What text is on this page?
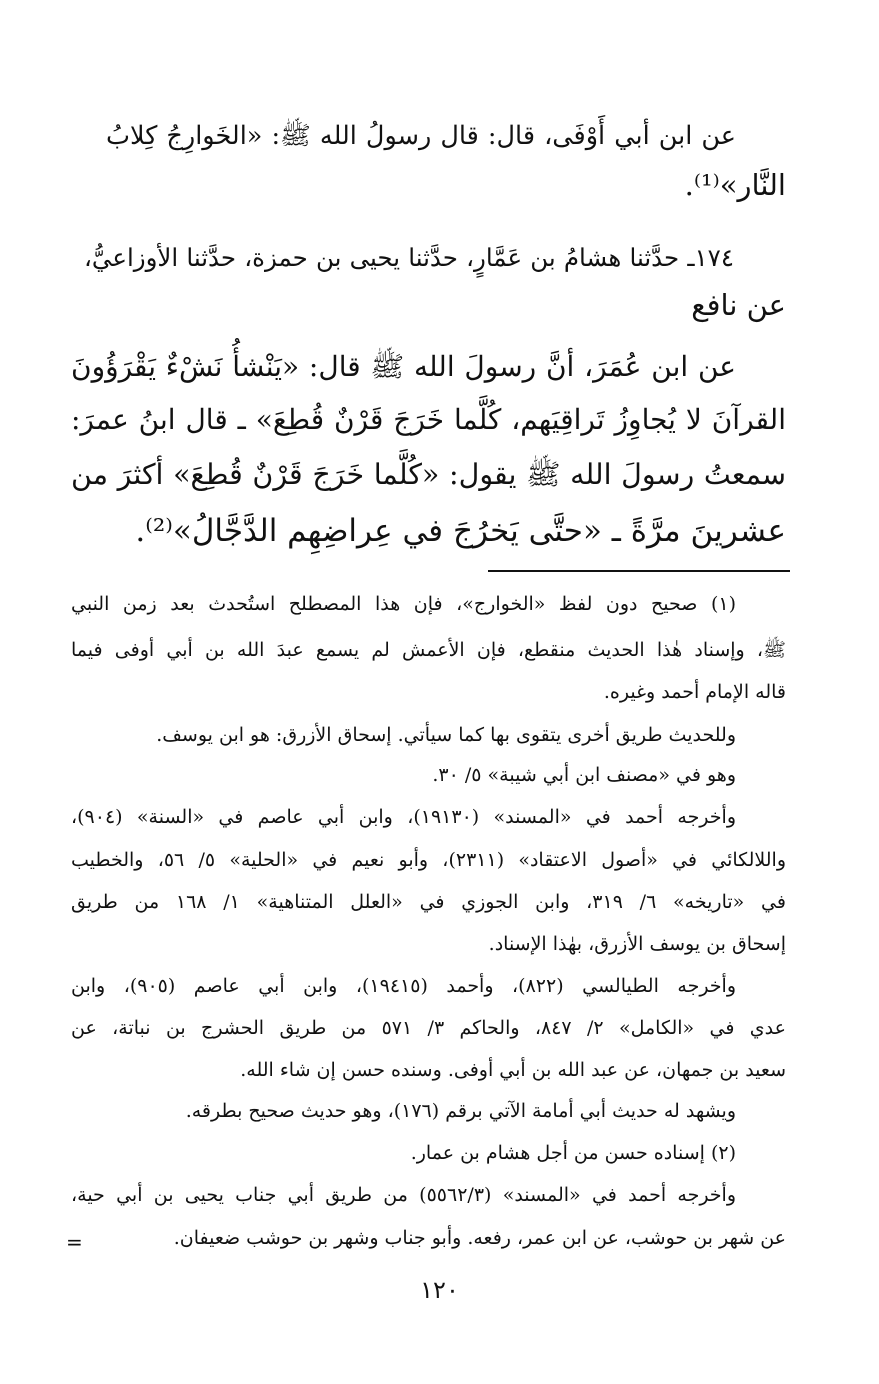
عن ابن أبي أَوْفَى، قال: قال رسولُ الله ﷺ: «الخَوارِجُ كِلابُ
النَّار»⁽¹⁾.
١٧٤ـ حدَّثنا هشامُ بن عَمَّارٍ، حدَّثنا يحيى بن حمزة، حدَّثنا الأوزاعيُّ،
عن نافع
عن ابن عُمَرَ، أنَّ رسولَ الله ﷺ قال: «يَنْشأُ نَشْءٌ يَقْرَؤُونَ
القرآنَ لا يُجاوِزُ تَراقِيَهم، كُلَّما خَرَجَ قَرْنٌ قُطِعَ» ـ قال ابنُ عمرَ:
سمعتُ رسولَ الله ﷺ يقول: «كُلَّما خَرَجَ قَرْنٌ قُطِعَ» أكثرَ من
عشرينَ مرَّةً ـ «حتَّى يَخرُجَ في عِراضِهِم الدَّجَّالُ»⁽²⁾.
(١) صحيح دون لفظ «الخوارج»، فإن هذا المصطلح استُحدث بعد زمن النبي
ﷺ، وإسناد هٰذا الحديث منقطع، فإن الأعمش لم يسمع عبدَ الله بن أبي أوفى فيما
قاله الإمام أحمد وغيره.
وللحديث طريق أخرى يتقوى بها كما سيأتي. إسحاق الأزرق: هو ابن يوسف.
وهو في «مصنف ابن أبي شيبة» ٥/ ٣٠.
وأخرجه أحمد في «المسند» (١٩١٣٠)، وابن أبي عاصم في «السنة» (٩٠٤)،
واللالكائي في «أصول الاعتقاد» (٢٣١١)، وأبو نعيم في «الحلية» ٥/ ٥٦، والخطيب
في «تاريخه» ٦/ ٣١٩، وابن الجوزي في «العلل المتناهية» ١/ ١٦٨ من طريق
إسحاق بن يوسف الأزرق، بهٰذا الإسناد.
وأخرجه الطيالسي (٨٢٢)، وأحمد (١٩٤١٥)، وابن أبي عاصم (٩٠٥)، وابن
عدي في «الكامل» ٢/ ٨٤٧، والحاكم ٣/ ٥٧١ من طريق الحشرج بن نباتة، عن
سعيد بن جمهان، عن عبد الله بن أبي أوفى. وسنده حسن إن شاء الله.
ويشهد له حديث أبي أمامة الآتي برقم (١٧٦)، وهو حديث صحيح بطرقه.
(٢) إسناده حسن من أجل هشام بن عمار.
وأخرجه أحمد في «المسند» (٥٥٦٢/٣) من طريق أبي جناب يحيى بن أبي حية،
عن شهر بن حوشب، عن ابن عمر، رفعه. وأبو جناب وشهر بن حوشب ضعيفان.
=
١٢٠
